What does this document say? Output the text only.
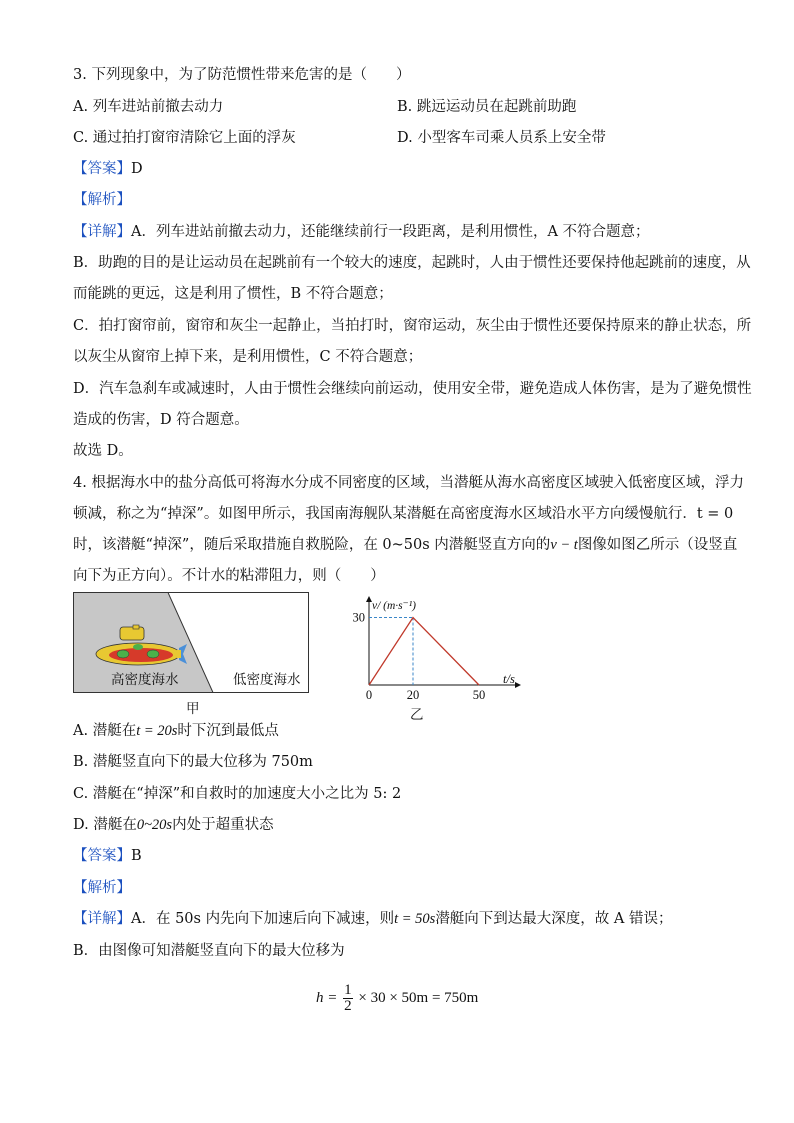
3. 下列现象中，为了防范惯性带来危害的是（　　）
A. 列车进站前撤去动力	B. 跳远运动员在起跳前助跑
C. 通过拍打窗帘清除它上面的浮灰	D. 小型客车司乘人员系上安全带
【答案】D
【解析】
【详解】A．列车进站前撤去动力，还能继续前行一段距离，是利用惯性，A 不符合题意；
B．助跑的目的是让运动员在起跳前有一个较大的速度，起跳时，人由于惯性还要保持他起跳前的速度，从
而能跳的更远，这是利用了惯性，B 不符合题意；
C．拍打窗帘前，窗帘和灰尘一起静止，当拍打时，窗帘运动，灰尘由于惯性还要保持原来的静止状态，所
以灰尘从窗帘上掉下来，是利用惯性，C 不符合题意；
D．汽车急刹车或减速时，人由于惯性会继续向前运动，使用安全带，避免造成人体伤害，是为了避免惯性
造成的伤害，D 符合题意。
故选 D。
4. 根据海水中的盐分高低可将海水分成不同密度的区域，当潜艇从海水高密度区域驶入低密度区域，浮力
顿减，称之为“掉深”。如图甲所示，我国南海舰队某潜艇在高密度海水区域沿水平方向缓慢航行．t = 0
时，该潜艇“掉深”，随后采取措施自救脱险，在 0~50s 内潜艇竖直方向的v − t图像如图乙所示（设竖直
向下为正方向）。不计水的粘滞阻力，则（　　）
高密度海水	低密度海水
甲
0	20	50
30
v/ (m·s⁻¹)
t/s
乙
A. 潜艇在t = 20s时下沉到最低点
B. 潜艇竖直向下的最大位移为 750m
C. 潜艇在“掉深”和自救时的加速度大小之比为 5: 2
D. 潜艇在0~20s内处于超重状态
【答案】B
【解析】
【详解】A．在 50s 内先向下加速后向下减速，则t = 50s潜艇向下到达最大深度，故 A 错误；
B．由图像可知潜艇竖直向下的最大位移为
$h = \frac{1}{2} \times 30 \times 50m = 750m$
